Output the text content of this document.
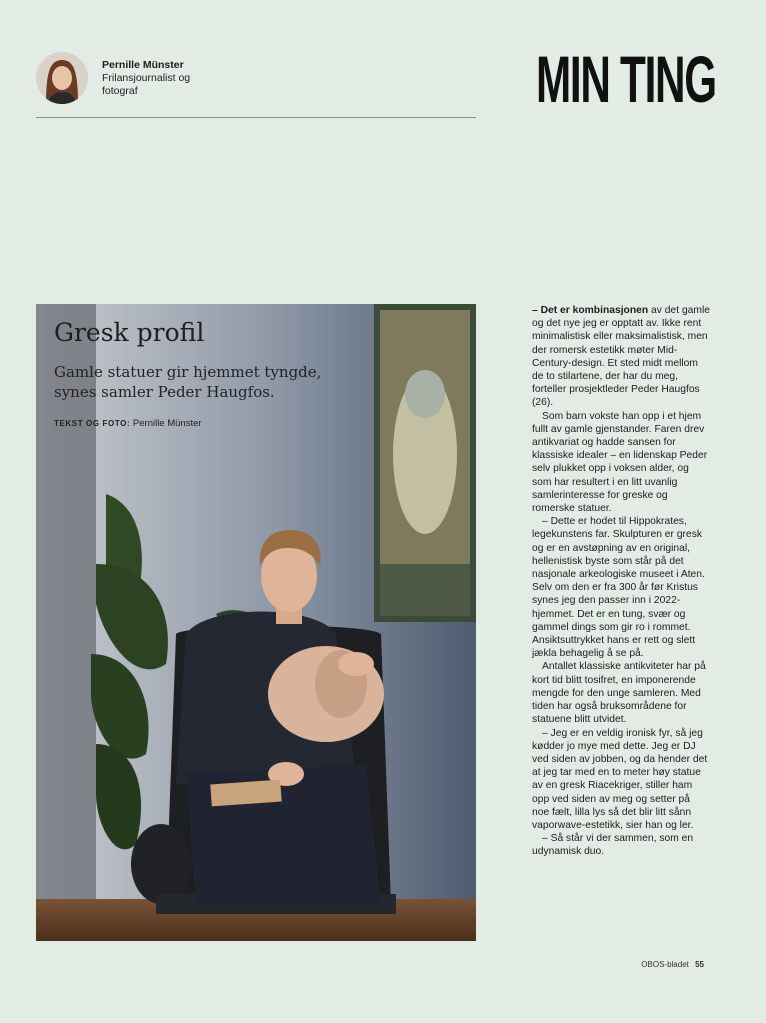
Pernille Münster
Frilansjournalist og fotograf	MIN TING
Gresk profil

Gamle statuer gir hjemmet tyngde, synes samler Peder Haugfos.

TEKST OG FOTO: Pernille Münster

– Det er kombinasjonen av det gamle og det nye jeg er opptatt av. Ikke rent minimalistisk eller maksimalistisk, men der romersk estetikk møter Mid-Century-design. Et sted midt mellom de to stilartene, der har du meg, forteller prosjektleder Peder Haugfos (26).

Som barn vokste han opp i et hjem fullt av gamle gjenstander. Faren drev antikvariat og hadde sansen for klassiske idealer – en lidenskap Peder selv plukket opp i voksen alder, og som har resultert i en litt uvanlig samlerinteresse for greske og romerske statuer.

– Dette er hodet til Hippokrates, legekunstens far. Skulpturen er gresk og er en avstøpning av en original, hellenistisk byste som står på det nasjonale arkeologiske museet i Aten. Selv om den er fra 300 år før Kristus synes jeg den passer inn i 2022-hjemmet. Det er en tung, svær og gammel dings som gir ro i rommet. Ansiktsuttrykket hans er rett og slett jækla behagelig å se på.

Antallet klassiske antikviteter har på kort tid blitt tosifret, en imponerende mengde for den unge samleren. Med tiden har også bruksområdene for statuene blitt utvidet.

– Jeg er en veldig ironisk fyr, så jeg kødder jo mye med dette. Jeg er DJ ved siden av jobben, og da hender det at jeg tar med en to meter høy statue av en gresk Riacekriger, stiller ham opp ved siden av meg og setter på noe fælt, lilla lys så det blir litt sånn vaporwave-estetikk, sier han og ler.

– Så står vi der sammen, som en udynamisk duo.

OBOS-bladet 55
